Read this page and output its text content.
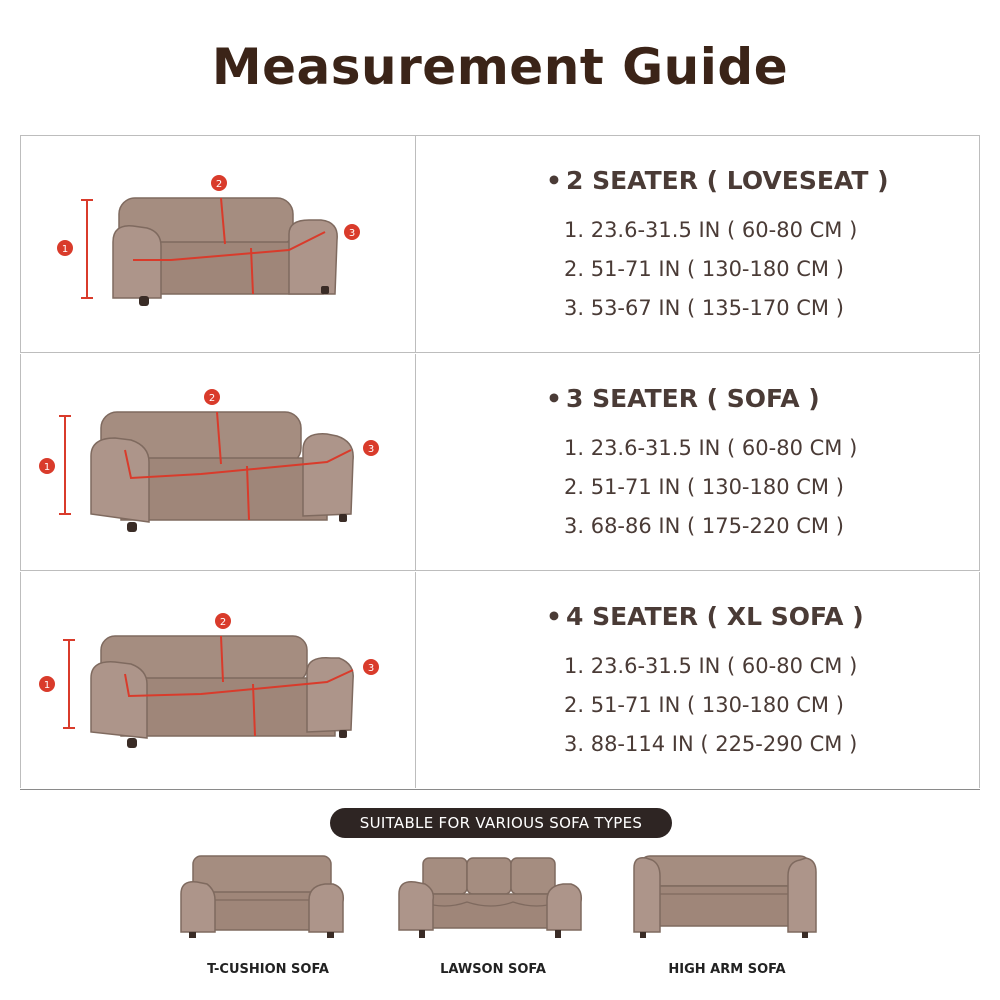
Measurement Guide
1
2
3
• 2 SEATER ( LOVESEAT )
1. 23.6-31.5 IN ( 60-80 CM )
2. 51-71 IN ( 130-180 CM )
3. 53-67 IN ( 135-170 CM )
1
2
3
• 3 SEATER ( SOFA )
1. 23.6-31.5 IN ( 60-80 CM )
2. 51-71 IN ( 130-180 CM )
3. 68-86 IN ( 175-220 CM )
1
2
3
• 4 SEATER ( XL SOFA )
1. 23.6-31.5 IN ( 60-80 CM )
2. 51-71 IN ( 130-180 CM )
3. 88-114 IN ( 225-290 CM )
SUITABLE FOR VARIOUS SOFA TYPES
T-CUSHION SOFA	LAWSON SOFA	HIGH ARM SOFA
